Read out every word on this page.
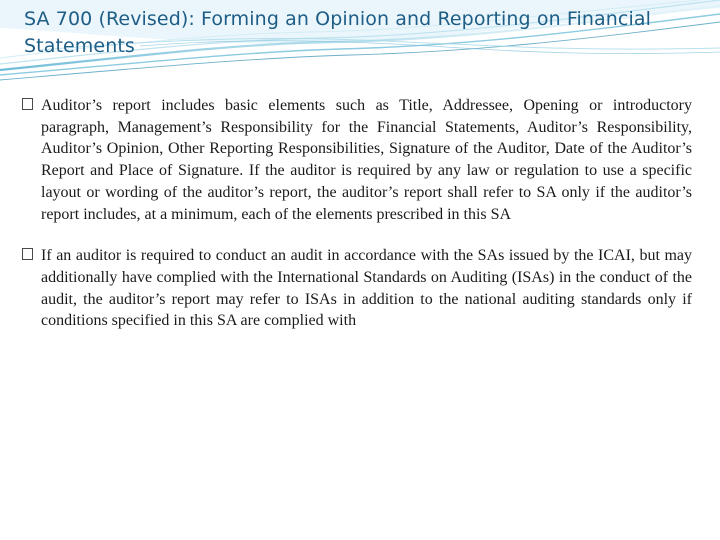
SA 700 (Revised): Forming an Opinion and Reporting on Financial Statements

Auditor’s report includes basic elements such as Title, Addressee, Opening or introductory paragraph, Management’s Responsibility for the Financial Statements, Auditor’s Responsibility, Auditor’s Opinion, Other Reporting Responsibilities, Signature of the Auditor, Date of the Auditor’s Report and Place of Signature. If the auditor is required by any law or regulation to use a specific layout or wording of the auditor’s report, the auditor’s report shall refer to SA only if the auditor’s report includes, at a minimum, each of the elements prescribed in this SA

If an auditor is required to conduct an audit in accordance with the SAs issued by the ICAI, but may additionally have complied with the International Standards on Auditing (ISAs) in the conduct of the audit, the auditor’s report may refer to ISAs in addition to the national auditing standards only if conditions specified in this SA are complied with
